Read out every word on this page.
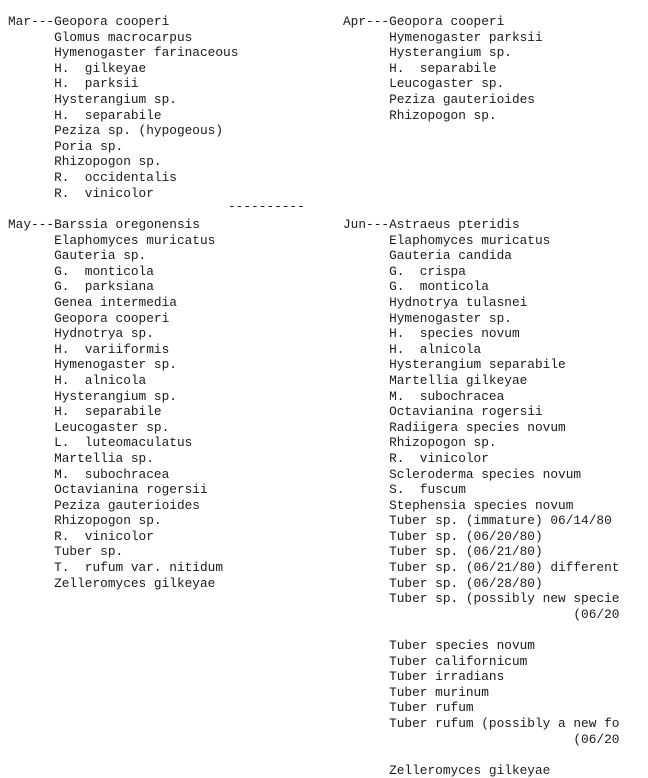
Mar---Geopora cooperi
Glomus macrocarpus
Hymenogaster farinaceous
H.  gilkeyae
H.  parksii
Hysterangium sp.
H.  separabile
Peziza sp. (hypogeous)
Poria sp.
Rhizopogon sp.
R.  occidentalis
R.  vinicolor
Apr---Geopora cooperi
Hymenogaster parksii
Hysterangium sp.
H.  separabile
Leucogaster sp.
Peziza gauterioides
Rhizopogon sp.
----------
May---Barssia oregonensis
Elaphomyces muricatus
Gauteria sp.
G.  monticola
G.  parksiana
Genea intermedia
Geopora cooperi
Hydnotrya sp.
H.  variiformis
Hymenogaster sp.
H.  alnicola
Hysterangium sp.
H.  separabile
Leucogaster sp.
L.  luteomaculatus
Martellia sp.
M.  subochracea
Octavianina rogersii
Peziza gauterioides
Rhizopogon sp.
R.  vinicolor
Tuber sp.
T.  rufum var. nitidum
Zelleromyces gilkeyae
Jun---Astraeus pteridis
Elaphomyces muricatus
Gauteria candida
G.  crispa
G.  monticola
Hydnotrya tulasnei
Hymenogaster sp.
H.  species novum
H.  alnicola
Hysterangium separabile
Martellia gilkeyae
M.  subochracea
Octavianina rogersii
Radiigera species novum
Rhizopogon sp.
R.  vinicolor
Scleroderma species novum
S.  fuscum
Stephensia species novum
Tuber sp. (immature) 06/14/80
Tuber sp. (06/20/80)
Tuber sp. (06/21/80)
Tuber sp. (06/21/80) different
Tuber sp. (06/28/80)
Tuber sp. (possibly new specie
(06/20
Tuber species novum
Tuber californicum
Tuber irradians
Tuber murinum
Tuber rufum
Tuber rufum (possibly a new fo
(06/20
Zelleromyces gilkeyae
